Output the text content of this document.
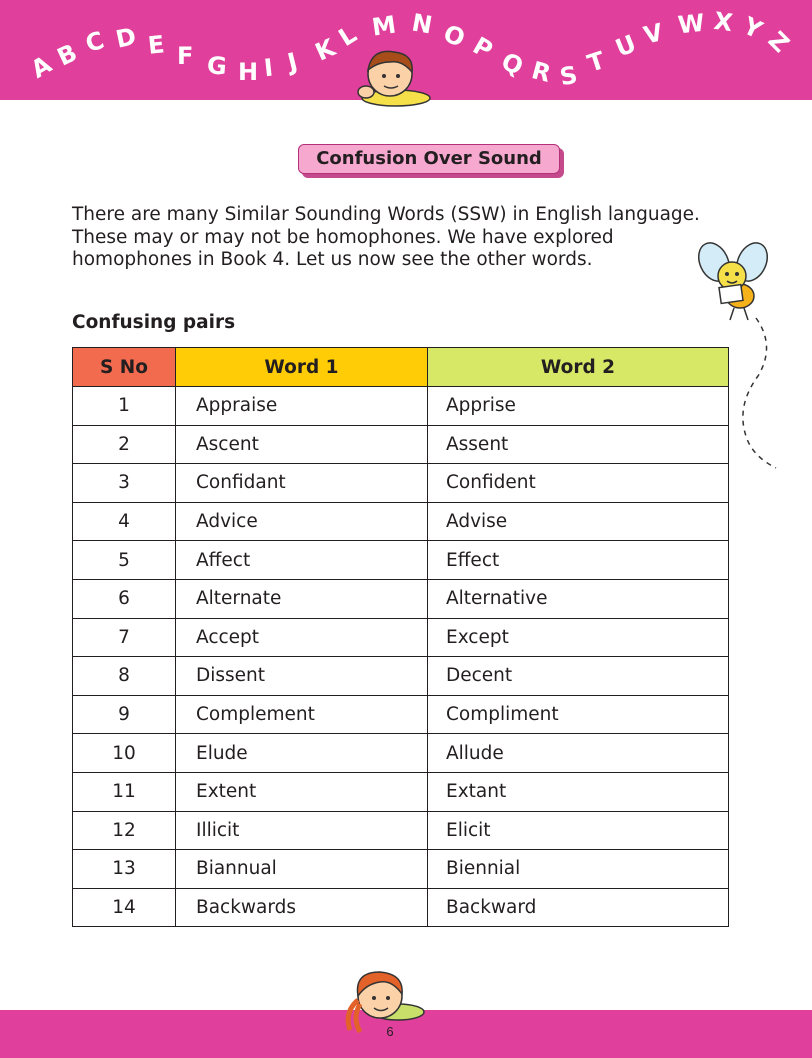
A
B C D E F G H I J K
L M N O P Q R S T U V W X Y
Z
Confusion Over Sound
There are many Similar Sounding Words (SSW) in English language.
These may or may not be homophones. We have explored
homophones in Book 4. Let us now see the other words.
Confusing pairs
S No	Word 1	Word 2
1	Appraise	Apprise
2	Ascent	Assent
3	Confidant	Confident
4	Advice	Advise
5	Affect	Effect
6	Alternate	Alternative
7	Accept	Except
8	Dissent	Decent
9	Complement	Compliment
10	Elude	Allude
11	Extent	Extant
12	Illicit	Elicit
13	Biannual	Biennial
14	Backwards	Backward
6
